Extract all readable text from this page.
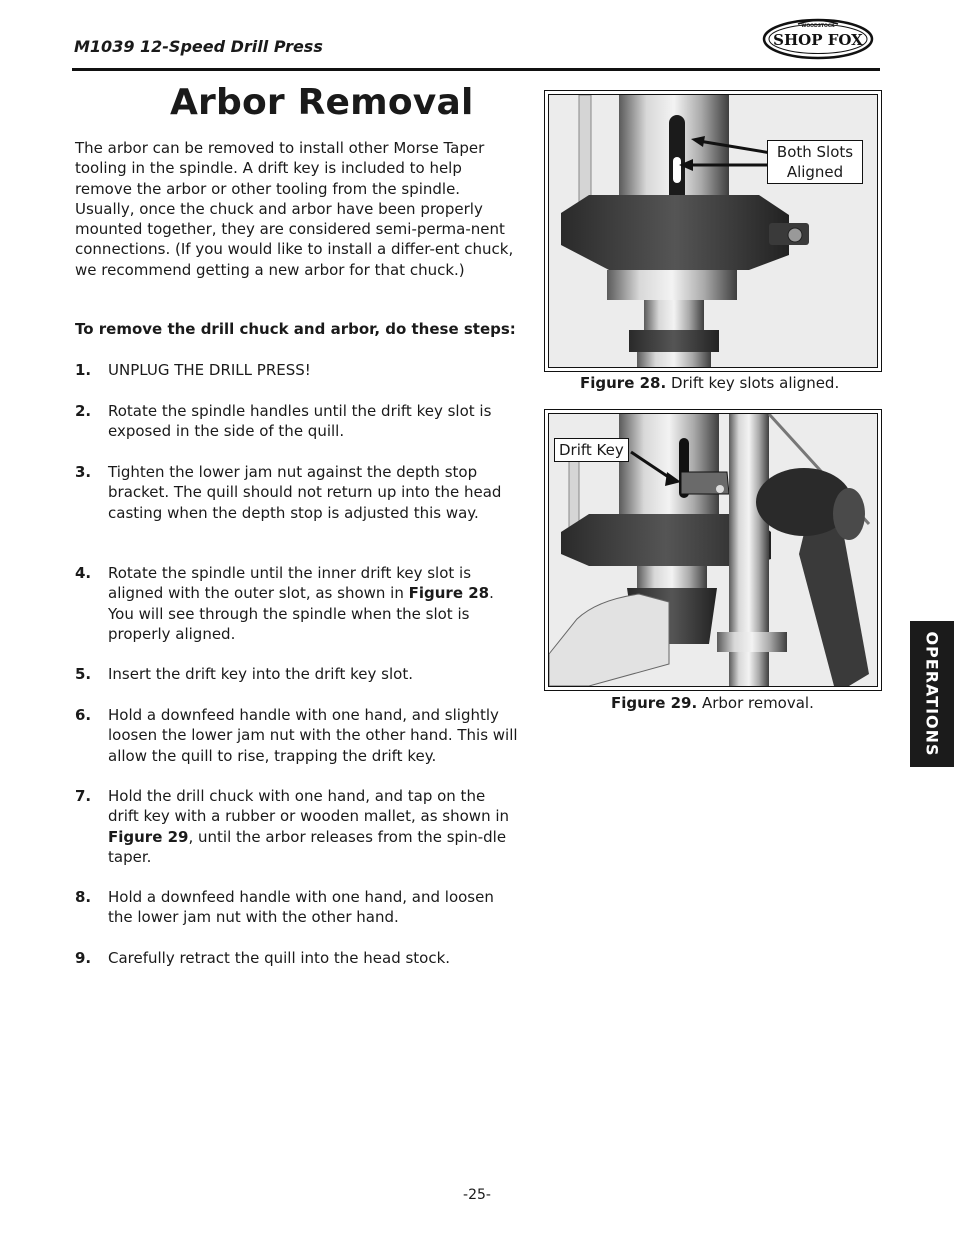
M1039 12-Speed Drill Press
WOODSTOCK
SHOP FOX
Arbor Removal

The arbor can be removed to install other Morse Taper tooling in the spindle. A drift key is included to help remove the arbor or other tooling from the spindle. Usually, once the chuck and arbor have been properly mounted together, they are considered semi-perma-nent connections. (If you would like to install a differ-ent chuck, we recommend getting a new arbor for that chuck.)

To remove the drill chuck and arbor, do these steps:

1. UNPLUG THE DRILL PRESS!
2. Rotate the spindle handles until the drift key slot is exposed in the side of the quill.
3. Tighten the lower jam nut against the depth stop bracket. The quill should not return up into the head casting when the depth stop is adjusted this way.
4. Rotate the spindle until the inner drift key slot is aligned with the outer slot, as shown in Figure 28. You will see through the spindle when the slot is properly aligned.
5. Insert the drift key into the drift key slot.
6. Hold a downfeed handle with one hand, and slightly loosen the lower jam nut with the other hand. This will allow the quill to rise, trapping the drift key.
7. Hold the drill chuck with one hand, and tap on the drift key with a rubber or wooden mallet, as shown in Figure 29, until the arbor releases from the spin-dle taper.
8. Hold a downfeed handle with one hand, and loosen the lower jam nut with the other hand.
9. Carefully retract the quill into the head stock.
Both Slots
Aligned
Figure 28. Drift key slots aligned.
Drift Key
Figure 29. Arbor removal.	OPERATIONS
-25-
